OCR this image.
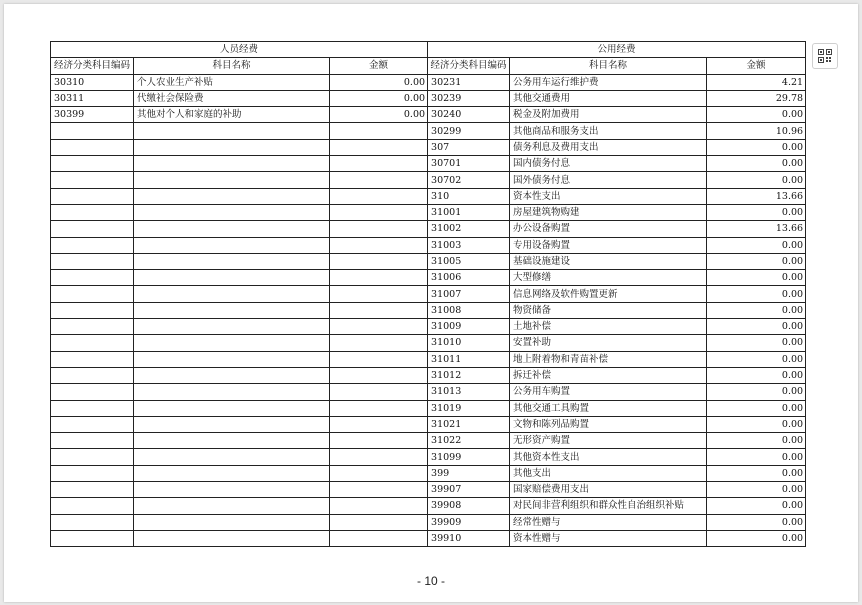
人员经费			公用经费		
经济分类科目编码	科目名称	金额	经济分类科目编码	科目名称	金额
30310	个人农业生产补贴	0.00	30231	公务用车运行维护费	4.21
30311	代缴社会保险费	0.00	30239	其他交通费用	29.78
30399	其他对个人和家庭的补助	0.00	30240	税金及附加费用	0.00
			30299	其他商品和服务支出	10.96
			307	债务利息及费用支出	0.00
			30701	国内债务付息	0.00
			30702	国外债务付息	0.00
			310	资本性支出	13.66
			31001	房屋建筑物购建	0.00
			31002	办公设备购置	13.66
			31003	专用设备购置	0.00
			31005	基础设施建设	0.00
			31006	大型修缮	0.00
			31007	信息网络及软件购置更新	0.00
			31008	物资储备	0.00
			31009	土地补偿	0.00
			31010	安置补助	0.00
			31011	地上附着物和青苗补偿	0.00
			31012	拆迁补偿	0.00
			31013	公务用车购置	0.00
			31019	其他交通工具购置	0.00
			31021	文物和陈列品购置	0.00
			31022	无形资产购置	0.00
			31099	其他资本性支出	0.00
			399	其他支出	0.00
			39907	国家赔偿费用支出	0.00
			39908	对民间非营利组织和群众性自治组织补贴	0.00
			39909	经常性赠与	0.00
			39910	资本性赠与	0.00
- 10 -
